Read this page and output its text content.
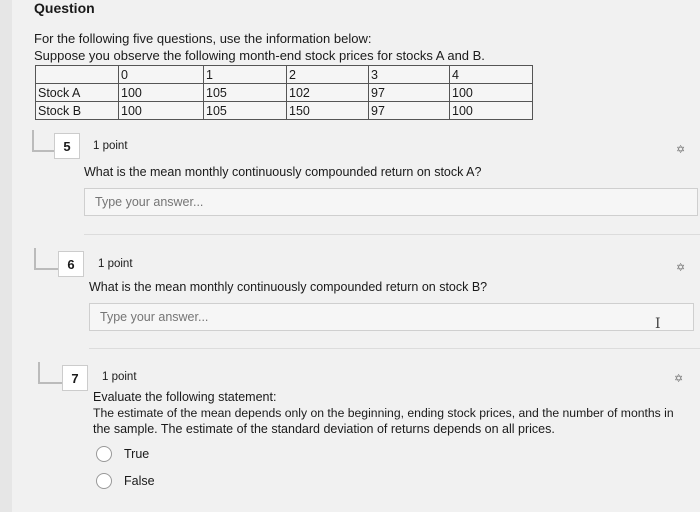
Question
For the following five questions, use the information below:
Suppose you observe the following month-end stock prices for stocks A and B.
	0	1	2	3	4
Stock A	100	105	102	97	100
Stock B	100	105	150	97	100
5	1 point	✡
What is the mean monthly continuously compounded return on stock A?
Type your answer...
6	1 point	✡
What is the mean monthly continuously compounded return on stock B?
Type your answer...
I
7	1 point	✡
Evaluate the following statement:
The estimate of the mean depends only on the beginning, ending stock prices, and the number of months in
the sample. The estimate of the standard deviation of returns depends on all prices.
True
False
